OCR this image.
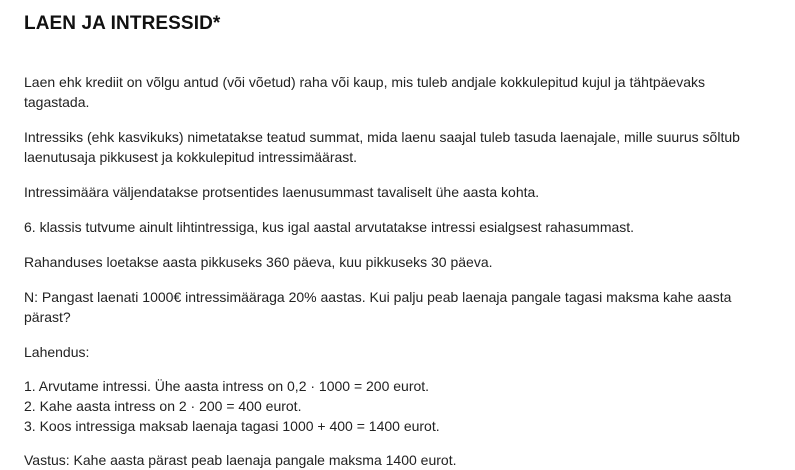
LAEN JA INTRESSID*

Laen ehk krediit on võlgu antud (või võetud) raha või kaup, mis tuleb andjale kokkulepitud kujul ja tähtpäevaks tagastada.

Intressiks (ehk kasvikuks) nimetatakse teatud summat, mida laenu saajal tuleb tasuda laenajale, mille suurus sõltub laenutusaja pikkusest ja kokkulepitud intressimäärast.

Intressimäära väljendatakse protsentides laenusummast tavaliselt ühe aasta kohta.

6. klassis tutvume ainult lihtintressiga, kus igal aastal arvutatakse intressi esialgsest rahasummast.

Rahanduses loetakse aasta pikkuseks 360 päeva, kuu pikkuseks 30 päeva.

N: Pangast laenati 1000€ intressimääraga 20% aastas. Kui palju peab laenaja pangale tagasi maksma kahe aasta pärast?

Lahendus:

1. Arvutame intressi. Ühe aasta intress on 0,2 · 1000 = 200 eurot.
2. Kahe aasta intress on 2 · 200 = 400 eurot.
3. Koos intressiga maksab laenaja tagasi 1000 + 400 = 1400 eurot.

Vastus: Kahe aasta pärast peab laenaja pangale maksma 1400 eurot.
